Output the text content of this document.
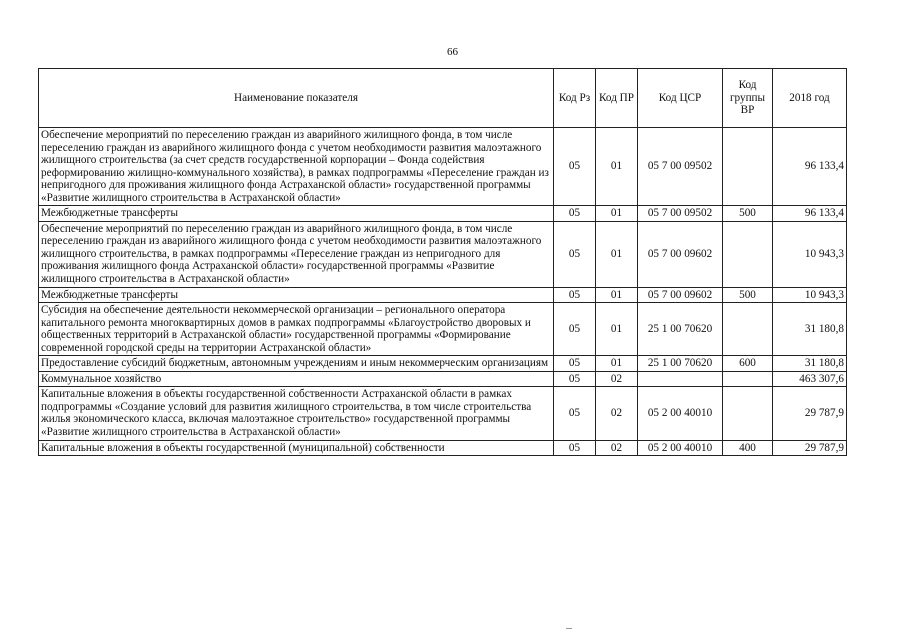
66
Наименование показателя	Код Рз	Код ПР	Код ЦСР	Код группы ВР	2018 год
Обеспечение мероприятий по переселению граждан из аварийного жилищного фонда, в том числе переселению граждан из аварийного жилищного фонда с учетом необходимости развития малоэтажного жилищного строительства (за счет средств государственной корпорации – Фонда содействия реформированию жилищно-коммунального хозяйства), в рамках подпрограммы «Переселение граждан из непригодного для проживания жилищного фонда Астраханской области» государственной программы «Развитие жилищного строительства в Астраханской области»	05	01	05 7 00 09502		96 133,4
Межбюджетные трансферты	05	01	05 7 00 09502	500	96 133,4
Обеспечение мероприятий по переселению граждан из аварийного жилищного фонда, в том числе переселению граждан из аварийного жилищного фонда с учетом необходимости развития малоэтажного жилищного строительства, в рамках подпрограммы «Переселение граждан из непригодного для проживания жилищного фонда Астраханской области» государственной программы «Развитие жилищного строительства в Астраханской области»	05	01	05 7 00 09602		10 943,3
Межбюджетные трансферты	05	01	05 7 00 09602	500	10 943,3
Субсидия на обеспечение деятельности некоммерческой организации – регионального оператора капитального ремонта многоквартирных домов в рамках подпрограммы «Благоустройство дворовых и общественных территорий в Астраханской области» государственной программы «Формирование современной городской среды на территории Астраханской области»	05	01	25 1 00 70620		31 180,8
Предоставление субсидий бюджетным, автономным учреждениям и иным некоммерческим организациям	05	01	25 1 00 70620	600	31 180,8
Коммунальное хозяйство	05	02			463 307,6
Капитальные вложения в объекты государственной собственности Астраханской области в рамках подпрограммы «Создание условий для развития жилищного строительства, в том числе строительства жилья экономического класса, включая малоэтажное строительство» государственной программы «Развитие жилищного строительства в Астраханской области»	05	02	05 2 00 40010		29 787,9
Капитальные вложения в объекты государственной (муниципальной) собственности	05	02	05 2 00 40010	400	29 787,9
